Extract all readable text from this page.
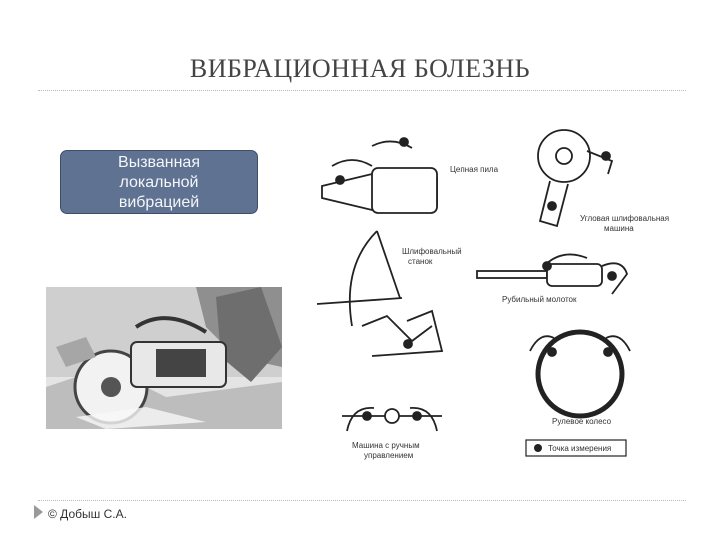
ВИБРАЦИОННАЯ БОЛЕЗНЬ
Вызванная
локальной
вибрацией
Цепная пила
Угловая шлифовальная
машина
Шлифовальный
станок
Рубильный молоток
Рулевое колесо
Машина с ручным
управлением
Точка измерения
© Добыш С.А.
